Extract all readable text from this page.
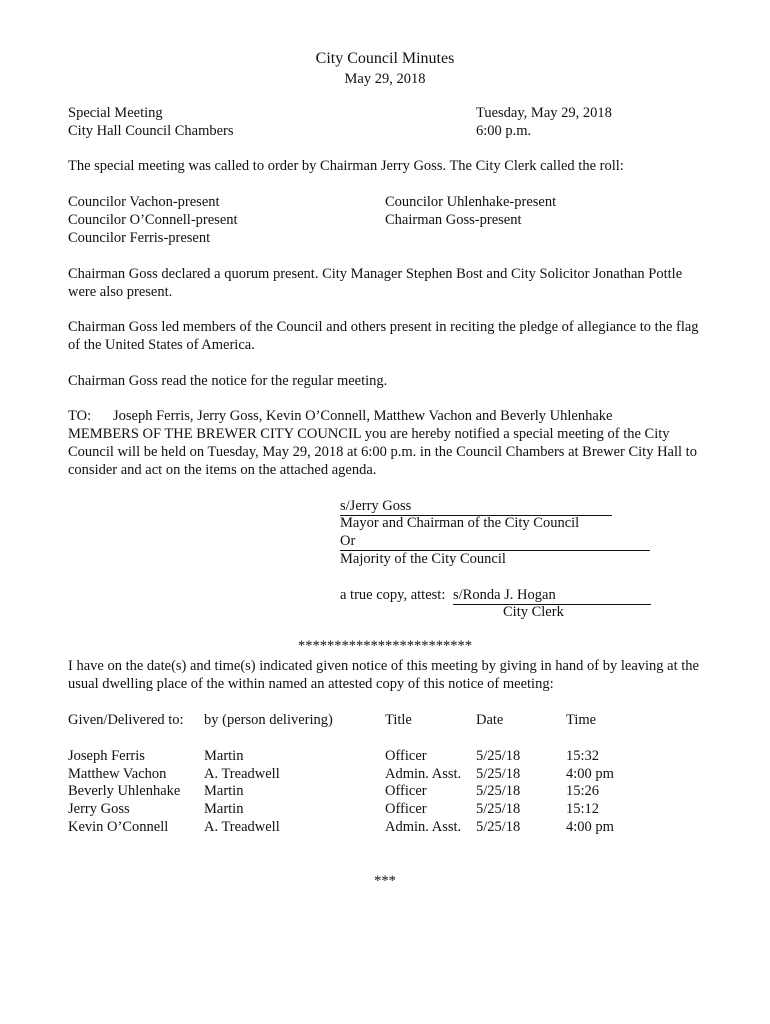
City Council Minutes
May 29, 2018
Special Meeting
City Hall Council Chambers
Tuesday, May 29, 2018
6:00 p.m.
The special meeting was called to order by Chairman Jerry Goss. The City Clerk called the roll:
Councilor Vachon-present
Councilor O’Connell-present
Councilor Ferris-present
Councilor Uhlenhake-present
Chairman Goss-present
Chairman Goss declared a quorum present. City Manager Stephen Bost and City Solicitor Jonathan Pottle were also present.
Chairman Goss led members of the Council and others present in reciting the pledge of allegiance to the flag of the United States of America.
Chairman Goss read the notice for the regular meeting.
TO: Joseph Ferris, Jerry Goss, Kevin O’Connell, Matthew Vachon and Beverly Uhlenhake
MEMBERS OF THE BREWER CITY COUNCIL you are hereby notified a special meeting of the City Council will be held on Tuesday, May 29, 2018 at 6:00 p.m. in the Council Chambers at Brewer City Hall to consider and act on the items on the attached agenda.
s/Jerry Goss
Mayor and Chairman of the City Council
Or
Majority of the City Council
a true copy, attest: s/Ronda J. Hogan
City Clerk
************************
I have on the date(s) and time(s) indicated given notice of this meeting by giving in hand of by leaving at the usual dwelling place of the within named an attested copy of this notice of meeting:
Given/Delivered to: by (person delivering)	Title	Date	Time
Joseph Ferris	Martin	Officer	5/25/18	15:32
Matthew Vachon	A. Treadwell	Admin. Asst. 5/25/18	4:00 pm
Beverly Uhlenhake Martin	Officer	5/25/18	15:26
Jerry Goss	Martin	Officer	5/25/18	15:12
Kevin O’Connell A. Treadwell	Admin. Asst. 5/25/18	4:00 pm
***
